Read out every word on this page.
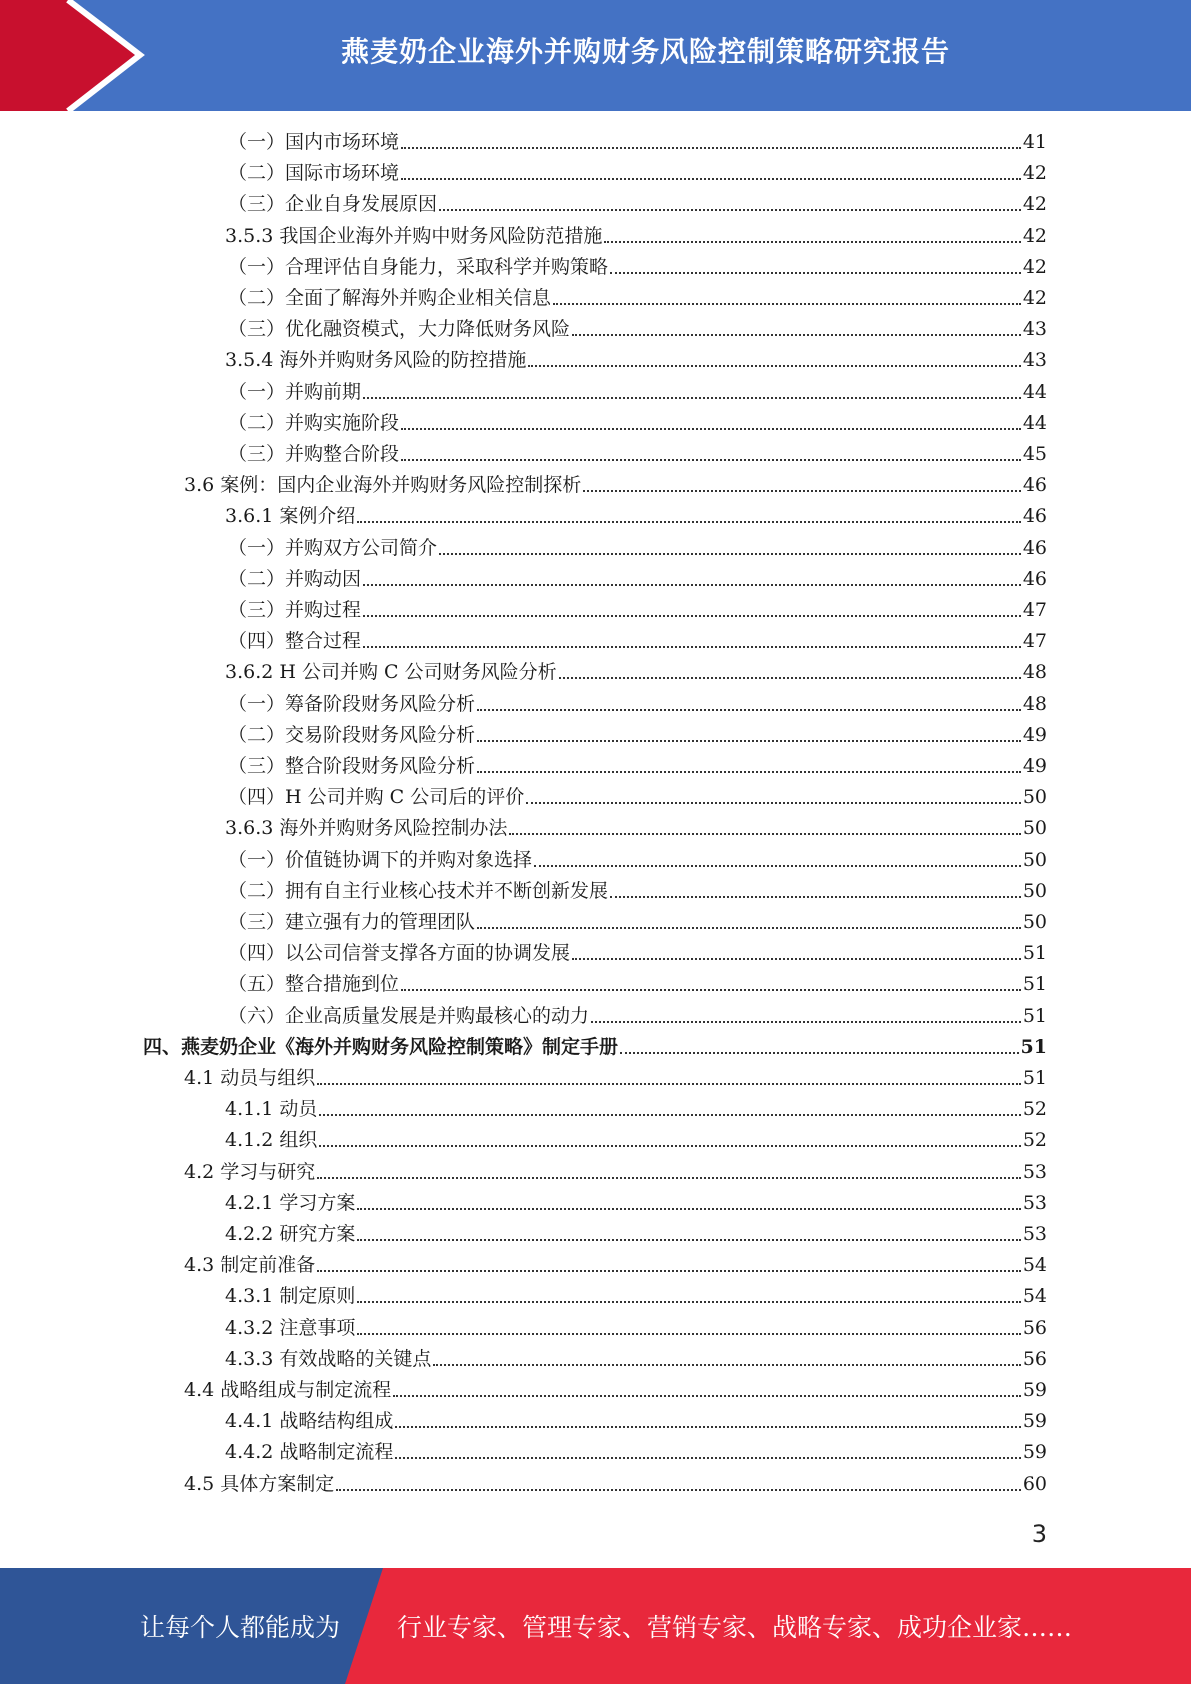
燕麦奶企业海外并购财务风险控制策略研究报告
（一）国内市场环境	41
（二）国际市场环境	42
（三）企业自身发展原因	42
3.5.3 我国企业海外并购中财务风险防范措施	42
（一）合理评估自身能力，采取科学并购策略	42
（二）全面了解海外并购企业相关信息	42
（三）优化融资模式，大力降低财务风险	43
3.5.4 海外并购财务风险的防控措施	43
（一）并购前期	44
（二）并购实施阶段	44
（三）并购整合阶段	45
3.6 案例：国内企业海外并购财务风险控制探析	46
3.6.1 案例介绍	46
（一）并购双方公司简介	46
（二）并购动因	46
（三）并购过程	47
（四）整合过程	47
3.6.2 H 公司并购 C 公司财务风险分析	48
（一）筹备阶段财务风险分析	48
（二）交易阶段财务风险分析	49
（三）整合阶段财务风险分析	49
（四）H 公司并购 C 公司后的评价	50
3.6.3 海外并购财务风险控制办法	50
（一）价值链协调下的并购对象选择	50
（二）拥有自主行业核心技术并不断创新发展	50
（三）建立强有力的管理团队	50
（四）以公司信誉支撑各方面的协调发展	51
（五）整合措施到位	51
（六）企业高质量发展是并购最核心的动力	51
四、燕麦奶企业《海外并购财务风险控制策略》制定手册	51
4.1 动员与组织	51
4.1.1 动员	52
4.1.2 组织	52
4.2 学习与研究	53
4.2.1 学习方案	53
4.2.2 研究方案	53
4.3 制定前准备	54
4.3.1 制定原则	54
4.3.2 注意事项	56
4.3.3 有效战略的关键点	56
4.4 战略组成与制定流程	59
4.4.1 战略结构组成	59
4.4.2 战略制定流程	59
4.5 具体方案制定	60
3
让每个人都能成为	行业专家、管理专家、营销专家、战略专家、成功企业家……
